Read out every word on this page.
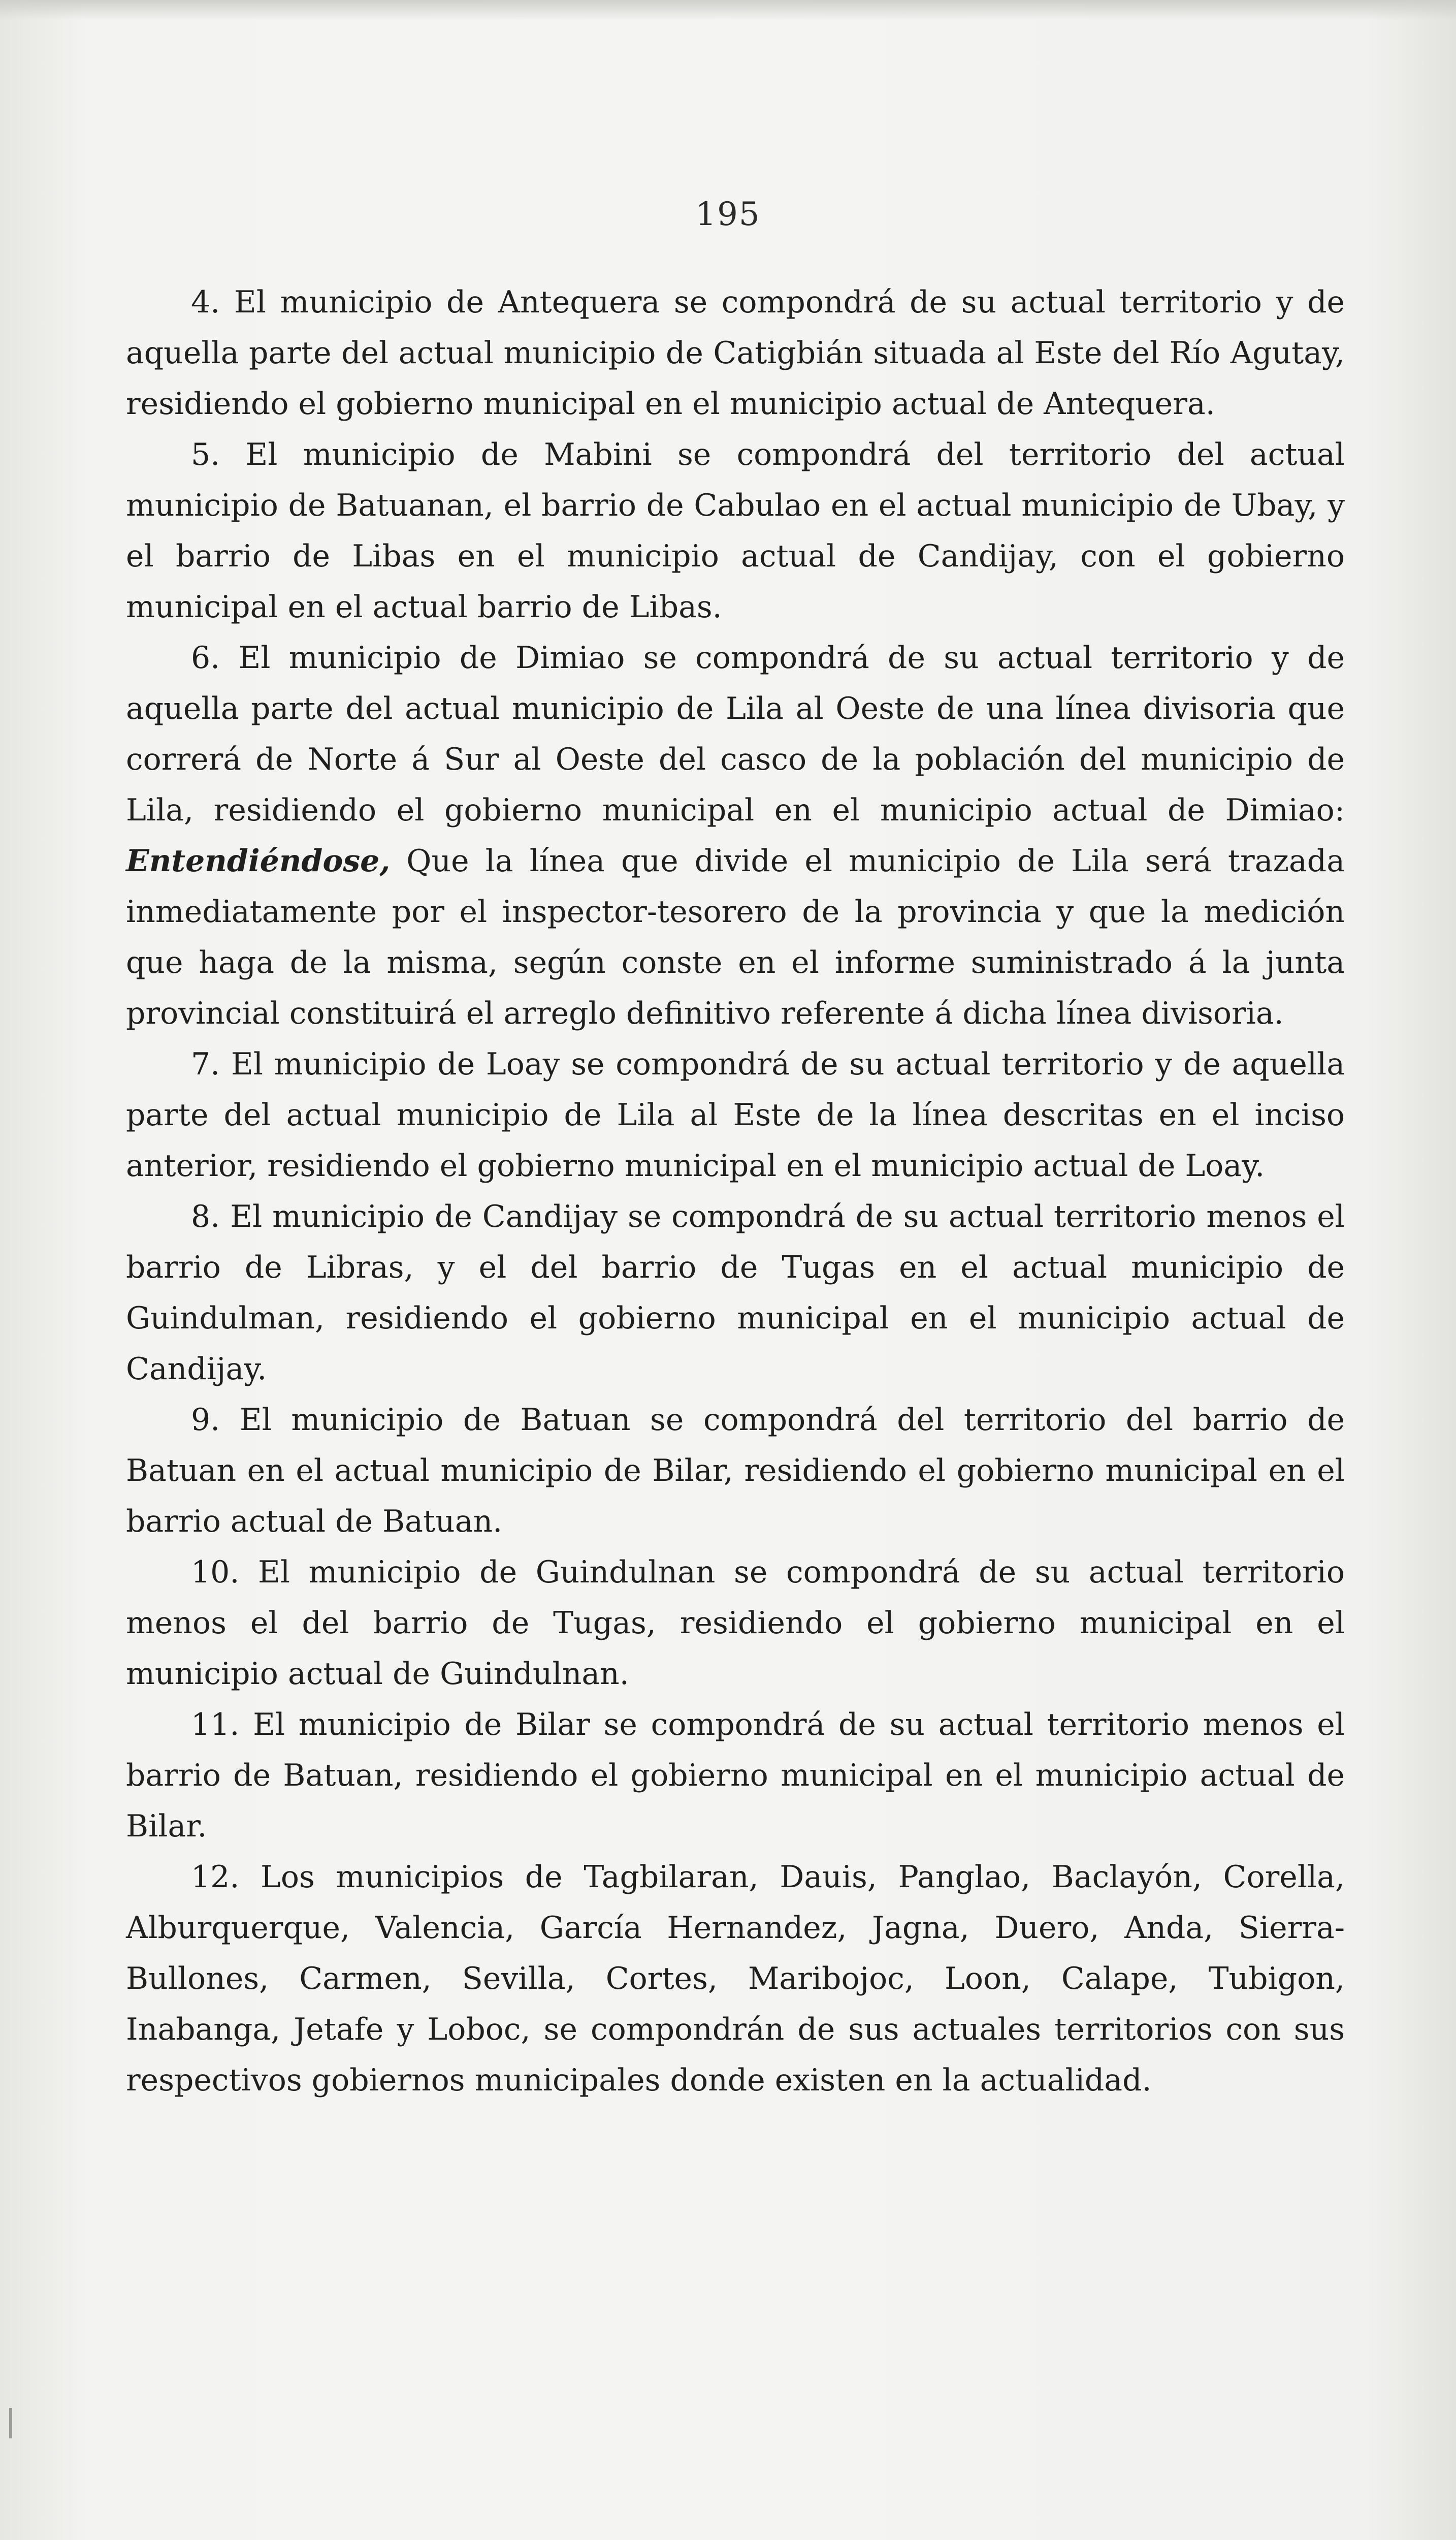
195

4. El municipio de Antequera se compondrá de su actual territorio y de aquella parte del actual municipio de Catigbián situada al Este del Río Agutay, residiendo el gobierno municipal en el municipio actual de Antequera.

5. El municipio de Mabini se compondrá del territorio del actual municipio de Batuanan, el barrio de Cabulao en el actual municipio de Ubay, y el barrio de Libas en el municipio actual de Candijay, con el gobierno municipal en el actual barrio de Libas.

6. El municipio de Dimiao se compondrá de su actual territorio y de aquella parte del actual municipio de Lila al Oeste de una línea divisoria que correrá de Norte á Sur al Oeste del casco de la población del municipio de Lila, residiendo el gobierno municipal en el municipio actual de Dimiao: Entendiéndose, Que la línea que divide el municipio de Lila será trazada inmediatamente por el inspector-tesorero de la provincia y que la medición que haga de la misma, según conste en el informe suministrado á la junta provincial constituirá el arreglo definitivo referente á dicha línea divisoria.

7. El municipio de Loay se compondrá de su actual territorio y de aquella parte del actual municipio de Lila al Este de la línea descritas en el inciso anterior, residiendo el gobierno municipal en el municipio actual de Loay.

8. El municipio de Candijay se compondrá de su actual territorio menos el barrio de Libras, y el del barrio de Tugas en el actual municipio de Guindulman, residiendo el gobierno municipal en el municipio actual de Candijay.

9. El municipio de Batuan se compondrá del territorio del barrio de Batuan en el actual municipio de Bilar, residiendo el gobierno municipal en el barrio actual de Batuan.

10. El municipio de Guindulnan se compondrá de su actual territorio menos el del barrio de Tugas, residiendo el gobierno municipal en el municipio actual de Guindulnan.

11. El municipio de Bilar se compondrá de su actual territorio menos el barrio de Batuan, residiendo el gobierno municipal en el municipio actual de Bilar.

12. Los municipios de Tagbilaran, Dauis, Panglao, Baclayón, Corella, Alburquerque, Valencia, García Hernandez, Jagna, Duero, Anda, Sierra-Bullones, Carmen, Sevilla, Cortes, Maribojoc, Loon, Calape, Tubigon, Inabanga, Jetafe y Loboc, se compondrán de sus actuales territorios con sus respectivos gobiernos municipales donde existen en la actualidad.
